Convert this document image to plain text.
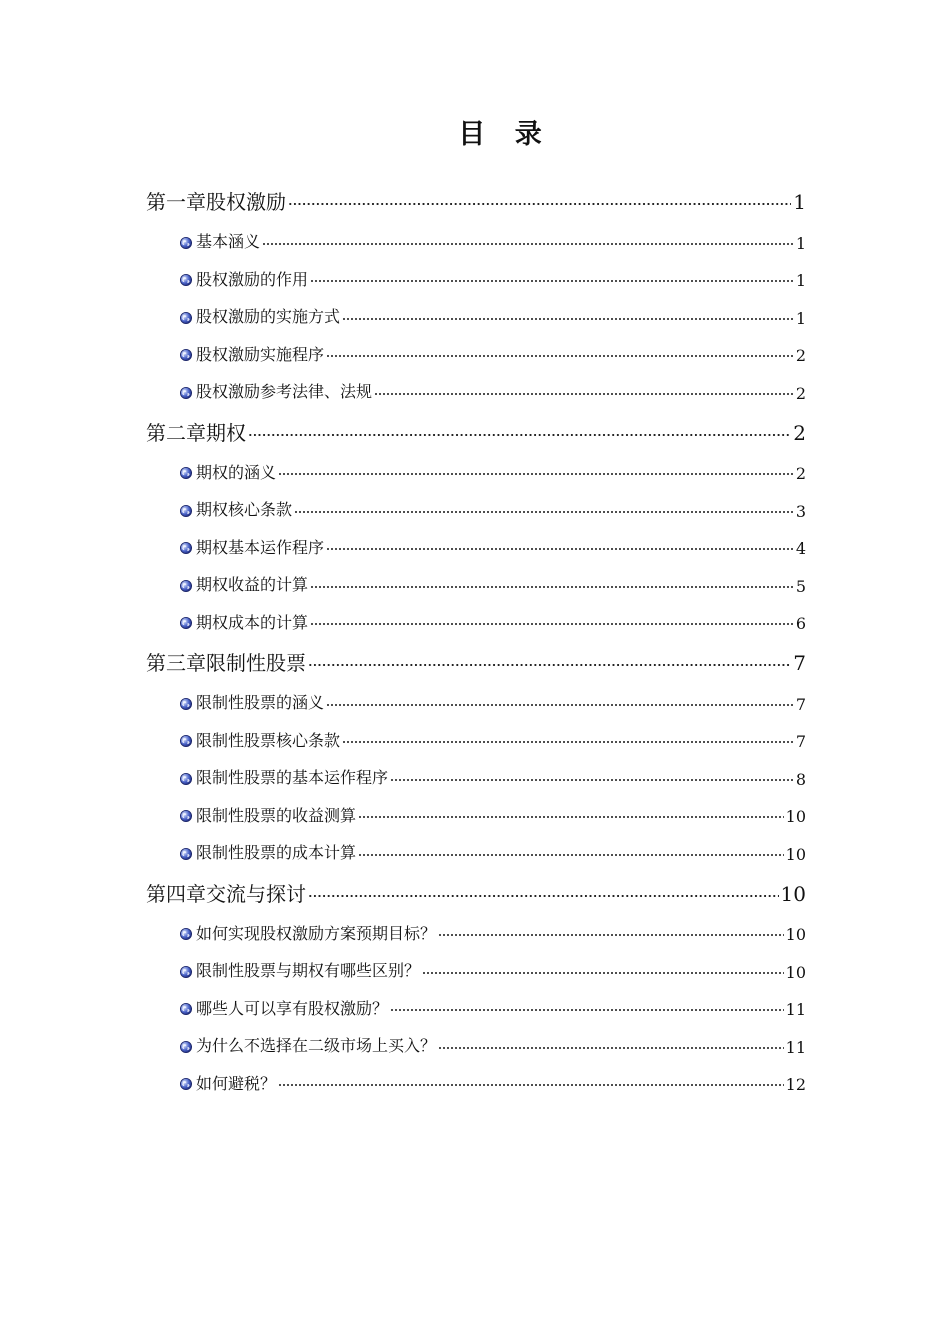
目 录
第一章股权激励	1
基本涵义	1
股权激励的作用	1
股权激励的实施方式	1
股权激励实施程序	2
股权激励参考法律、法规	2
第二章期权	2
期权的涵义	2
期权核心条款	3
期权基本运作程序	4
期权收益的计算	5
期权成本的计算	6
第三章限制性股票	7
限制性股票的涵义	7
限制性股票核心条款	7
限制性股票的基本运作程序	8
限制性股票的收益测算	10
限制性股票的成本计算	10
第四章交流与探讨	10
如何实现股权激励方案预期目标？	10
限制性股票与期权有哪些区别？	10
哪些人可以享有股权激励？	11
为什么不选择在二级市场上买入？	11
如何避税？	12
